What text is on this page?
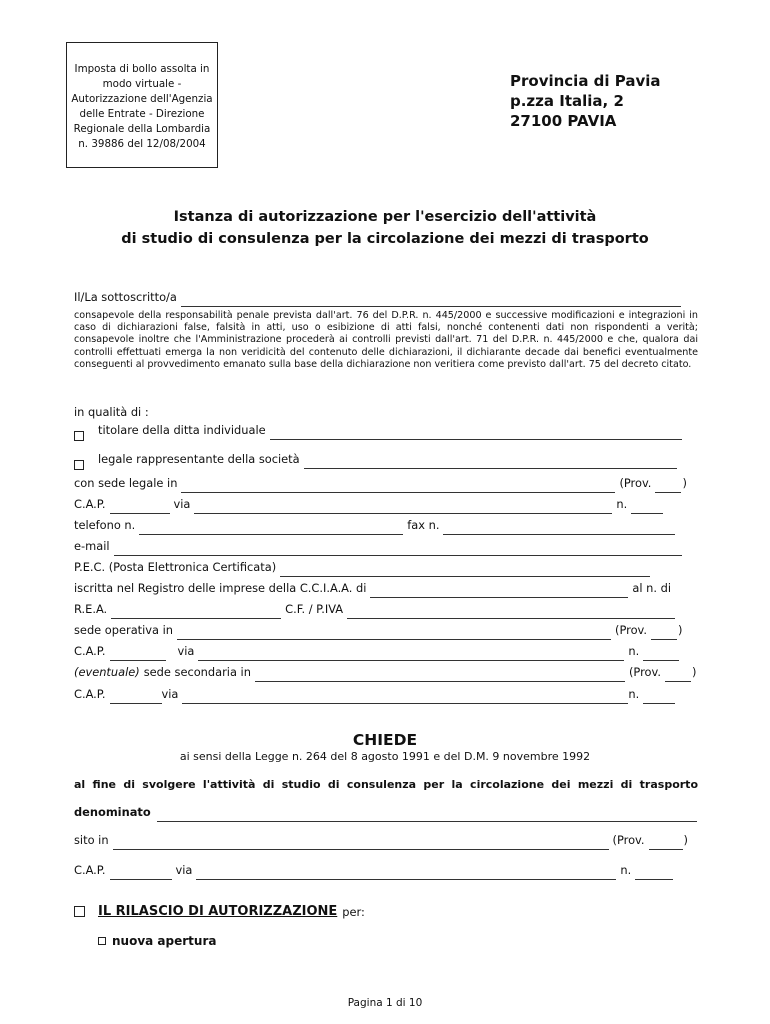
Imposta di bollo assolta in
modo virtuale -
Autorizzazione dell'Agenzia
delle Entrate - Direzione
Regionale della Lombardia
n. 39886 del 12/08/2004
Provincia di Pavia
p.zza Italia, 2
27100 PAVIA
Istanza di autorizzazione per l'esercizio dell'attività
di studio di consulenza per la circolazione dei mezzi di trasporto
Il/La sottoscritto/a
consapevole della responsabilità penale prevista dall'art. 76 del D.P.R. n. 445/2000 e successive modificazioni e integrazioni in caso di dichiarazioni false, falsità in atti, uso o esibizione di atti falsi, nonché contenenti dati non rispondenti a verità; consapevole inoltre che l'Amministrazione procederà ai controlli previsti dall'art. 71 del D.P.R. n. 445/2000 e che, qualora dai controlli effettuati emerga la non veridicità del contenuto delle dichiarazioni, il dichiarante decade dai benefici eventualmente conseguenti al provvedimento emanato sulla base della dichiarazione non veritiera come previsto dall'art. 75 del decreto citato.
in qualità di :
titolare della ditta individuale
legale rappresentante della società
con sede legale in	(Prov.	)
C.A.P.	via	n.
telefono n.	fax n.
e-mail
P.E.C. (Posta Elettronica Certificata)
iscritta nel Registro delle imprese della C.C.I.A.A. di	al n. di
R.E.A.	C.F. / P.IVA
sede operativa in	(Prov.	)
C.A.P.	via	n.
(eventuale) sede secondaria in	(Prov.	)
C.A.P.	via	n.
CHIEDE
ai sensi della Legge n. 264 del 8 agosto 1991 e del D.M. 9 novembre 1992
al fine di svolgere l'attività di studio di consulenza per la circolazione dei mezzi di trasporto
denominato
sito in	(Prov.	)
C.A.P.	via	n.
IL RILASCIO DI AUTORIZZAZIONE per:
nuova apertura
Pagina 1 di 10
